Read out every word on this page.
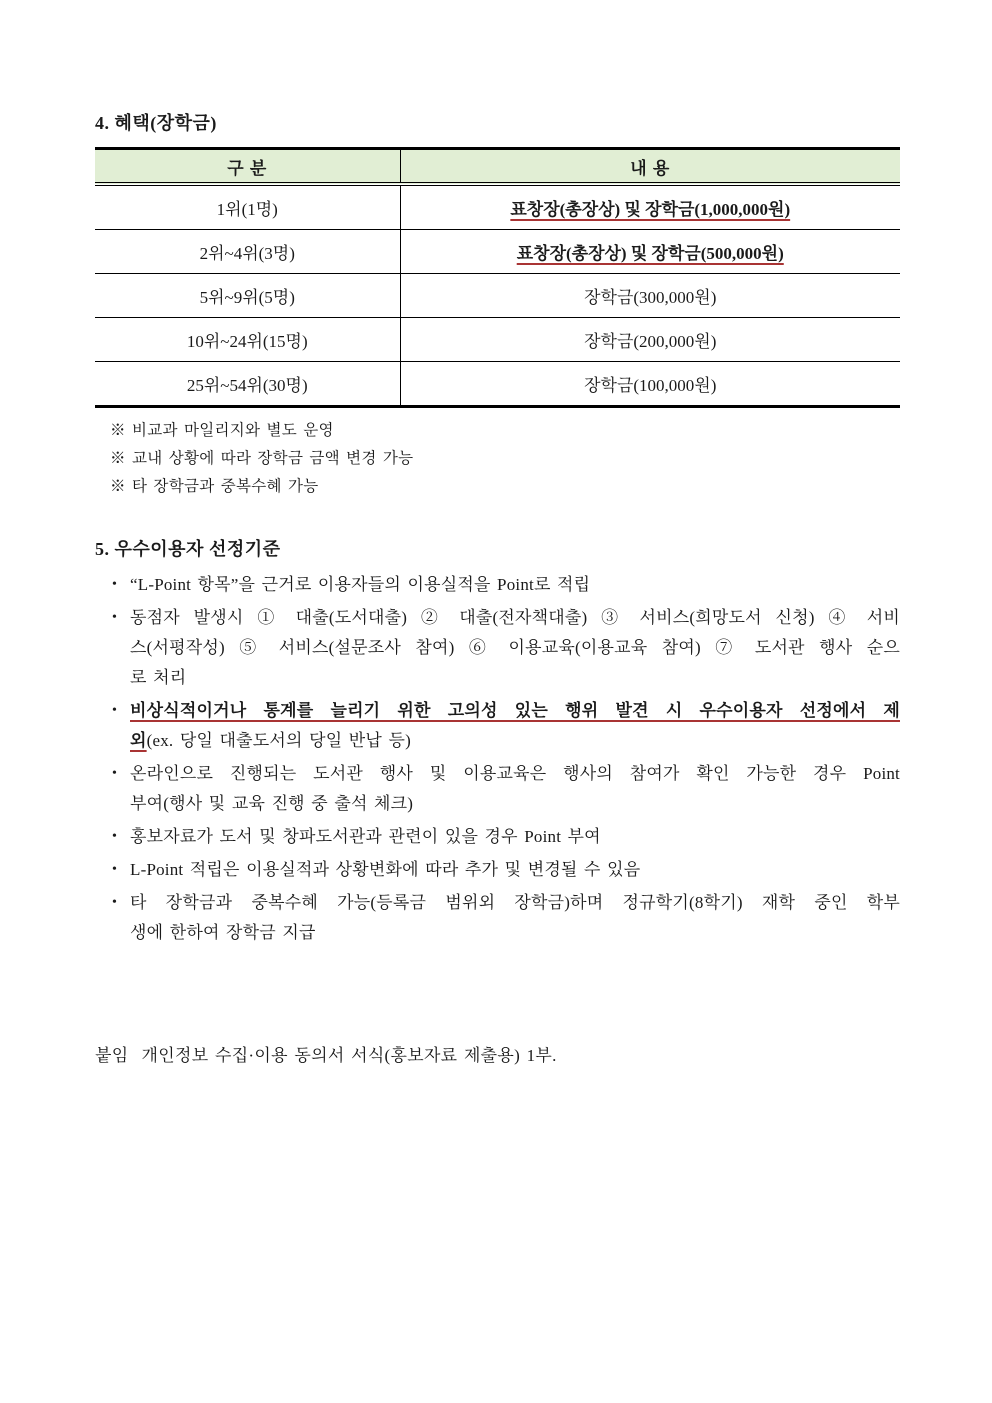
4. 혜택(장학금)
구 분	내 용
1위(1명)	표창장(총장상) 및 장학금(1,000,000원)
2위~4위(3명)	표창장(총장상) 및 장학금(500,000원)
5위~9위(5명)	장학금(300,000원)
10위~24위(15명)	장학금(200,000원)
25위~54위(30명)	장학금(100,000원)
※ 비교과 마일리지와 별도 운영
※ 교내 상황에 따라 장학금 금액 변경 가능
※ 타 장학금과 중복수혜 가능
5. 우수이용자 선정기준
• “L-Point 항목”을 근거로 이용자들의 이용실적을 Point로 적립
• 동점자 발생시 ① 대출(도서대출) ② 대출(전자책대출) ③ 서비스(희망도서 신청) ④ 서비
스(서평작성) ⑤ 서비스(설문조사 참여) ⑥ 이용교육(이용교육 참여) ⑦ 도서관 행사 순으
로 처리
• 비상식적이거나 통계를 늘리기 위한 고의성 있는 행위 발견 시 우수이용자 선정에서 제
외(ex. 당일 대출도서의 당일 반납 등)
• 온라인으로 진행되는 도서관 행사 및 이용교육은 행사의 참여가 확인 가능한 경우 Point
부여(행사 및 교육 진행 중 출석 체크)
• 홍보자료가 도서 및 창파도서관과 관련이 있을 경우 Point 부여
• L-Point 적립은 이용실적과 상황변화에 따라 추가 및 변경될 수 있음
• 타 장학금과 중복수혜 가능(등록금 범위외 장학금)하며 정규학기(8학기) 재학 중인 학부
생에 한하여 장학금 지급
붙임  개인정보 수집·이용 동의서 서식(홍보자료 제출용) 1부.
